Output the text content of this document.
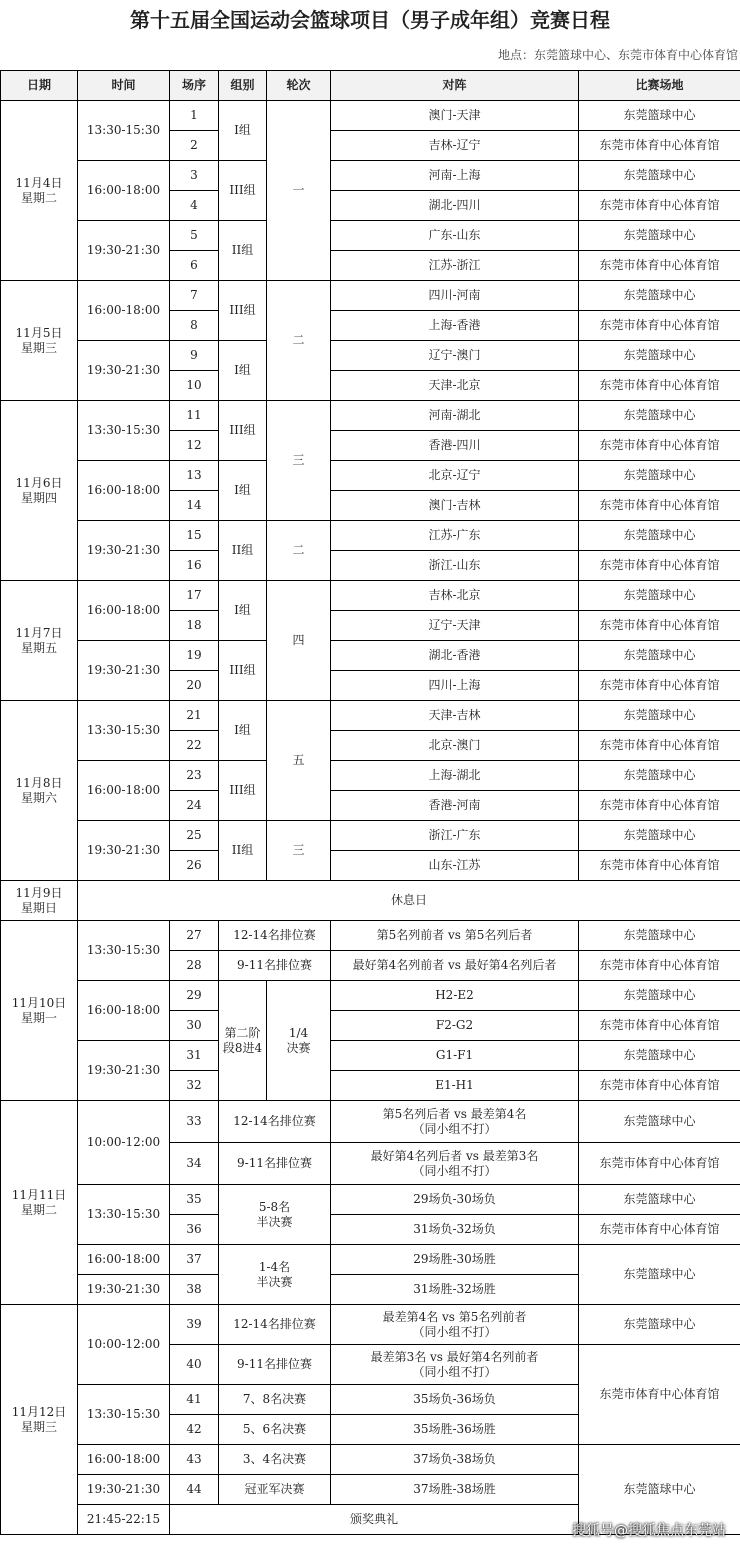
第十五届全国运动会篮球项目（男子成年组）竞赛日程
地点：东莞篮球中心、东莞市体育中心体育馆
日期	时间	场序	组别	轮次	对阵	比赛场地
11月4日
星期二	13:30-15:30	1	I组	一	澳门-天津	东莞篮球中心
		2			吉林-辽宁	东莞市体育中心体育馆
	16:00-18:00	3	III组		河南-上海	东莞篮球中心
		4			湖北-四川	东莞市体育中心体育馆
	19:30-21:30	5	II组		广东-山东	东莞篮球中心
		6			江苏-浙江	东莞市体育中心体育馆
11月5日
星期三	16:00-18:00	7	III组	二	四川-河南	东莞篮球中心
		8			上海-香港	东莞市体育中心体育馆
	19:30-21:30	9	I组		辽宁-澳门	东莞篮球中心
		10			天津-北京	东莞市体育中心体育馆
11月6日
星期四	13:30-15:30	11	III组	三	河南-湖北	东莞篮球中心
		12			香港-四川	东莞市体育中心体育馆
	16:00-18:00	13	I组		北京-辽宁	东莞篮球中心
		14			澳门-吉林	东莞市体育中心体育馆
	19:30-21:30	15	II组	二	江苏-广东	东莞篮球中心
		16			浙江-山东	东莞市体育中心体育馆
11月7日
星期五	16:00-18:00	17	I组	四	吉林-北京	东莞篮球中心
		18			辽宁-天津	东莞市体育中心体育馆
	19:30-21:30	19	III组		湖北-香港	东莞篮球中心
		20			四川-上海	东莞市体育中心体育馆
11月8日
星期六	13:30-15:30	21	I组	五	天津-吉林	东莞篮球中心
		22			北京-澳门	东莞市体育中心体育馆
	16:00-18:00	23	III组		上海-湖北	东莞篮球中心
		24			香港-河南	东莞市体育中心体育馆
	19:30-21:30	25	II组	三	浙江-广东	东莞篮球中心
		26			山东-江苏	东莞市体育中心体育馆
11月9日
星期日	休息日					
11月10日
星期一	13:30-15:30	27	12-14名排位赛		第5名列前者 vs 第5名列后者	东莞篮球中心
		28	9-11名排位赛		最好第4名列前者 vs 最好第4名列后者	东莞市体育中心体育馆
	16:00-18:00	29	第二阶段8进4	1/4
决赛	H2-E2	东莞篮球中心
		30			F2-G2	东莞市体育中心体育馆
	19:30-21:30	31			G1-F1	东莞篮球中心
		32			E1-H1	东莞市体育中心体育馆
11月11日
星期二	10:00-12:00	33	12-14名排位赛		第5名列后者 vs 最差第4名
（同小组不打）	东莞篮球中心
		34	9-11名排位赛		最好第4名列后者 vs 最差第3名
（同小组不打）	东莞市体育中心体育馆
	13:30-15:30	35	5-8名
半决赛		29场负-30场负	东莞篮球中心
		36			31场负-32场负	东莞市体育中心体育馆
	16:00-18:00	37	1-4名
半决赛		29场胜-30场胜	东莞篮球中心
	19:30-21:30	38			31场胜-32场胜	
11月12日
星期三	10:00-12:00	39	12-14名排位赛		最差第4名 vs 第5名列前者
（同小组不打）	东莞篮球中心
		40	9-11名排位赛		最差第3名 vs 最好第4名列前者
（同小组不打）	东莞市体育中心体育馆
	13:30-15:30	41	7、8名决赛		35场负-36场负	
		42	5、6名决赛		35场胜-36场胜	
	16:00-18:00	43	3、4名决赛		37场负-38场负	东莞篮球中心
	19:30-21:30	44	冠亚军决赛		37场胜-38场胜	
	21:45-22:15	颁奖典礼				
搜狐号@搜狐焦点东莞站
